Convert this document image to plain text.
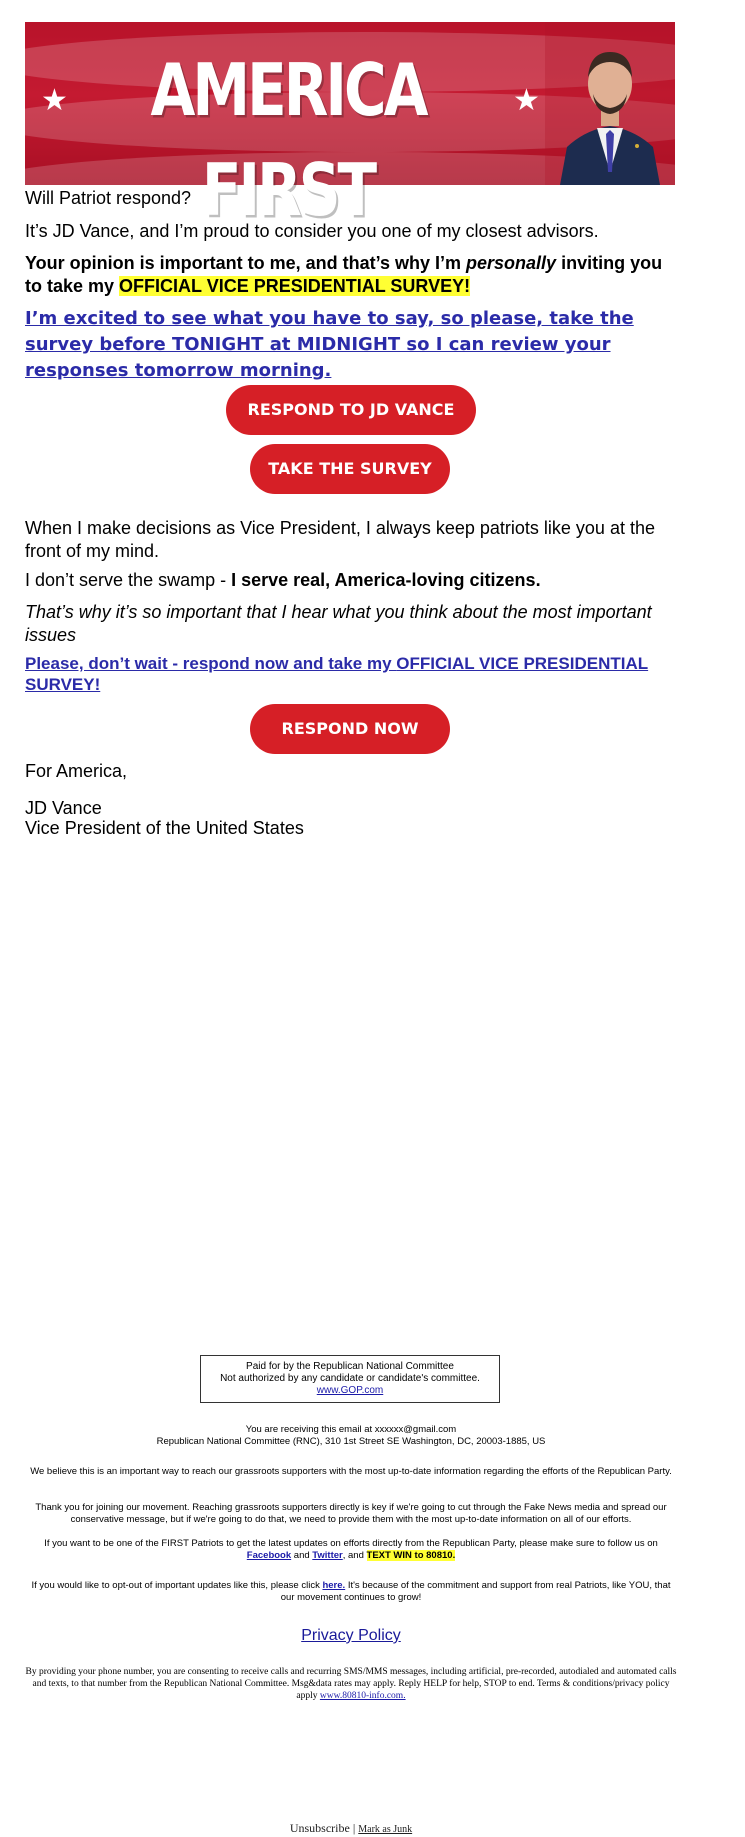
★	★
AMERICA FIRST
Will Patriot respond?
It’s JD Vance, and I’m proud to consider you one of my closest advisors.
Your opinion is important to me, and that’s why I’m personally inviting you to take my OFFICIAL VICE PRESIDENTIAL SURVEY!
I’m excited to see what you have to say, so please, take the survey before TONIGHT at MIDNIGHT so I can review your responses tomorrow morning.
RESPOND TO JD VANCE
TAKE THE SURVEY
When I make decisions as Vice President, I always keep patriots like you at the front of my mind.
I don’t serve the swamp - I serve real, America-loving citizens.
That’s why it’s so important that I hear what you think about the most important issues
Please, don’t wait - respond now and take my OFFICIAL VICE PRESIDENTIAL SURVEY!
RESPOND NOW
For America,
JD Vance
Vice President of the United States
Paid for by the Republican National Committee
Not authorized by any candidate or candidate's committee.
www.GOP.com
You are receiving this email at xxxxxx@gmail.com
Republican National Committee (RNC), 310 1st Street SE Washington, DC, 20003-1885, US
We believe this is an important way to reach our grassroots supporters with the most up-to-date information regarding the efforts of the Republican Party.
Thank you for joining our movement. Reaching grassroots supporters directly is key if we're going to cut through the Fake News media and spread our conservative message, but if we're going to do that, we need to provide them with the most up-to-date information on all of our efforts.
If you want to be one of the FIRST Patriots to get the latest updates on efforts directly from the Republican Party, please make sure to follow us on Facebook and Twitter, and TEXT WIN to 80810.
If you would like to opt-out of important updates like this, please click here. It's because of the commitment and support from real Patriots, like YOU, that our movement continues to grow!
Privacy Policy
By providing your phone number, you are consenting to receive calls and recurring SMS/MMS messages, including artificial, pre-recorded, autodialed and automated calls and texts, to that number from the Republican National Committee. Msg&data rates may apply. Reply HELP for help, STOP to end. Terms & conditions/privacy policy apply www.80810-info.com.
Unsubscribe | Mark as Junk
